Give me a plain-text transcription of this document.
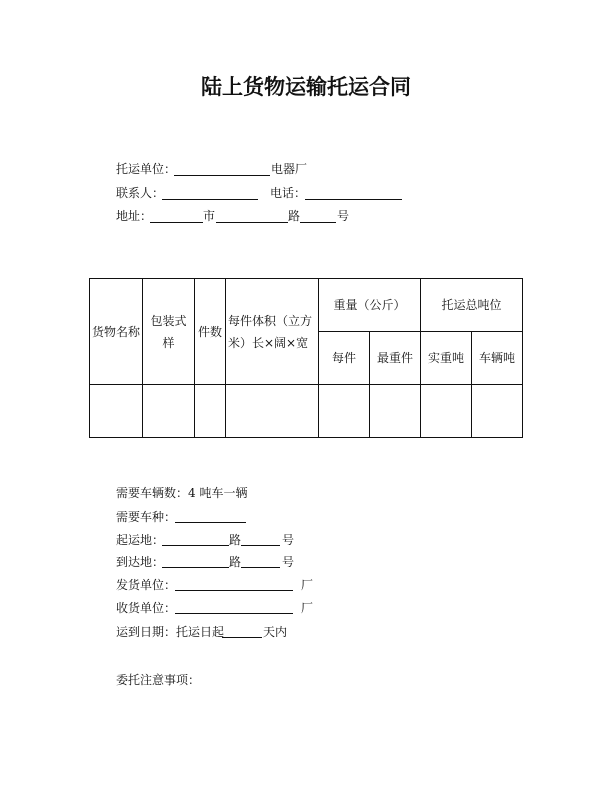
陆上货物运输托运合同
托运单位：	电器厂
联系人：	电话：
地址：	市	路	号
货物名称	包装式样	件数	每件体积（立方米）长×阔×宽	重量（公斤）		托运总吨位	
				每件	最重件	实重吨	车辆吨

需要车辆数： 4 吨车一辆
需要车种：
起运地：	路	号
到达地：	路	号
发货单位：	厂
收货单位：	厂
运到日期：托运日起	天内
委托注意事项：
